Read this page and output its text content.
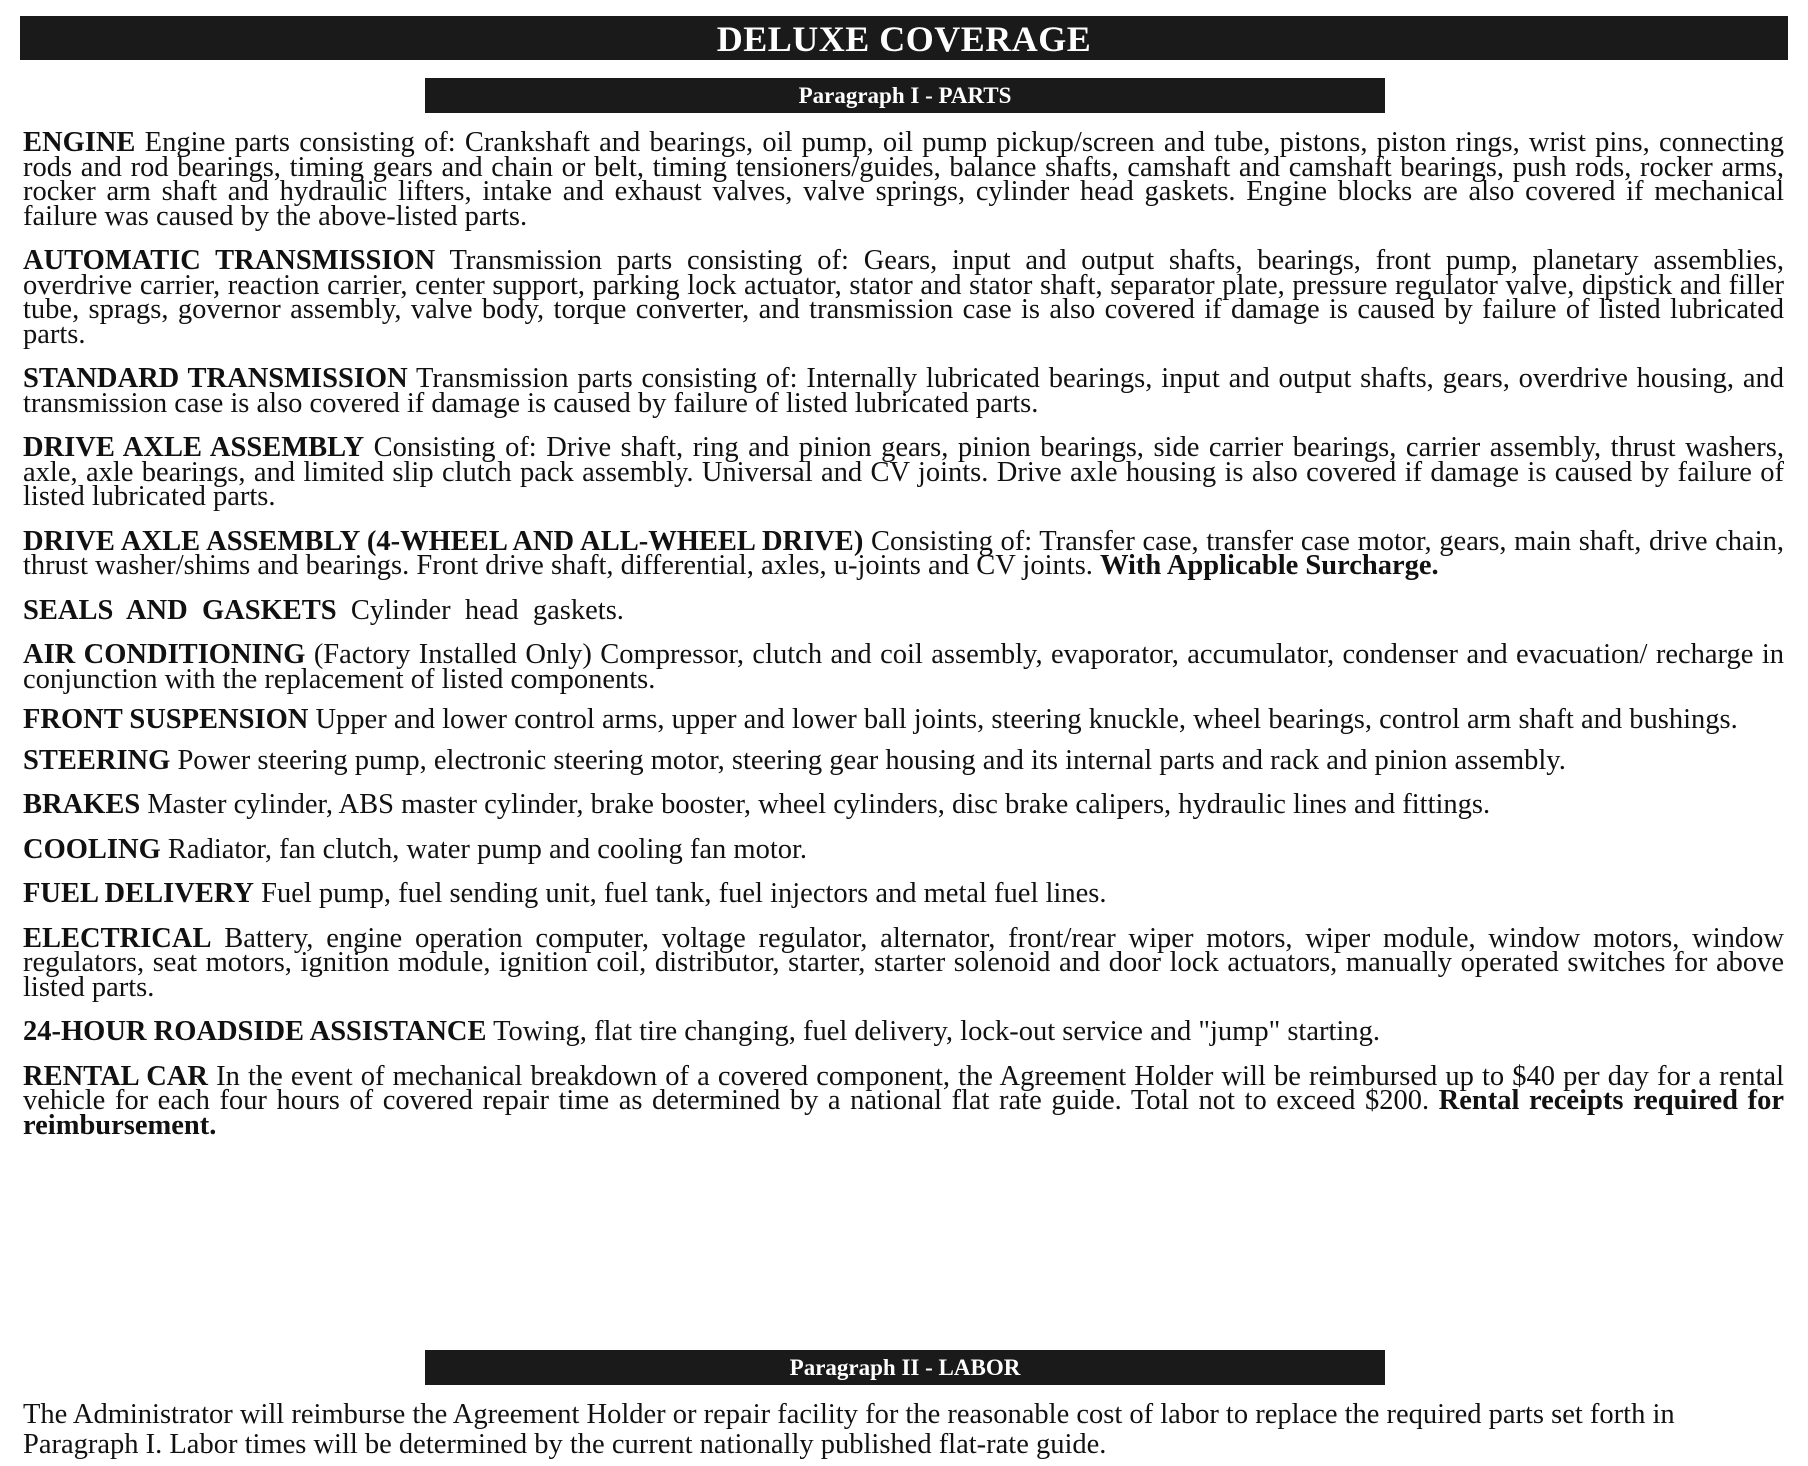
DELUXE COVERAGE
Paragraph I - PARTS

ENGINE Engine parts consisting of: Crankshaft and bearings, oil pump, oil pump pickup/screen and tube, pistons, piston rings, wrist pins, connecting rods and rod bearings, timing gears and chain or belt, timing tensioners/guides, balance shafts, camshaft and camshaft bearings, push rods, rocker arms, rocker arm shaft and hydraulic lifters, intake and exhaust valves, valve springs, cylinder head gaskets. Engine blocks are also covered if mechanical failure was caused by the above-listed parts.

AUTOMATIC TRANSMISSION Transmission parts consisting of: Gears, input and output shafts, bearings, front pump, planetary assemblies, overdrive carrier, reaction carrier, center support, parking lock actuator, stator and stator shaft, separator plate, pressure regulator valve, dipstick and filler tube, sprags, governor assembly, valve body, torque converter, and transmission case is also covered if damage is caused by failure of listed lubricated parts.

STANDARD TRANSMISSION Transmission parts consisting of: Internally lubricated bearings, input and output shafts, gears, overdrive housing, and transmission case is also covered if damage is caused by failure of listed lubricated parts.

DRIVE AXLE ASSEMBLY Consisting of: Drive shaft, ring and pinion gears, pinion bearings, side carrier bearings, carrier assembly, thrust washers, axle, axle bearings, and limited slip clutch pack assembly. Universal and CV joints. Drive axle housing is also covered if damage is caused by failure of listed lubricated parts.

DRIVE AXLE ASSEMBLY (4-WHEEL AND ALL-WHEEL DRIVE) Consisting of: Transfer case, transfer case motor, gears, main shaft, drive chain, thrust washer/shims and bearings. Front drive shaft, differential, axles, u-joints and CV joints. With Applicable Surcharge.

SEALS  AND  GASKETS  Cylinder  head  gaskets.

AIR CONDITIONING (Factory Installed Only) Compressor, clutch and coil assembly, evaporator, accumulator, condenser and evacuation/ recharge in conjunction with the replacement of listed components.

FRONT SUSPENSION Upper and lower control arms, upper and lower ball joints, steering knuckle, wheel bearings, control arm shaft and bushings.

STEERING Power steering pump, electronic steering motor, steering gear housing and its internal parts and rack and pinion assembly.

BRAKES Master cylinder, ABS master cylinder, brake booster, wheel cylinders, disc brake calipers, hydraulic lines and fittings.

COOLING Radiator, fan clutch, water pump and cooling fan motor.

FUEL DELIVERY Fuel pump, fuel sending unit, fuel tank, fuel injectors and metal fuel lines.

ELECTRICAL Battery, engine operation computer, voltage regulator, alternator, front/rear wiper motors, wiper module, window motors, window regulators, seat motors, ignition module, ignition coil, distributor, starter, starter solenoid and door lock actuators, manually operated switches for above listed parts.

24-HOUR ROADSIDE ASSISTANCE Towing, flat tire changing, fuel delivery, lock-out service and "jump" starting.

RENTAL CAR In the event of mechanical breakdown of a covered component, the Agreement Holder will be reimbursed up to $40 per day for a rental vehicle for each four hours of covered repair time as determined by a national flat rate guide. Total not to exceed $200. Rental receipts required for reimbursement.

Paragraph II - LABOR

The Administrator will reimburse the Agreement Holder or repair facility for the reasonable cost of labor to replace the required parts set forth in Paragraph I. Labor times will be determined by the current nationally published flat-rate guide.
